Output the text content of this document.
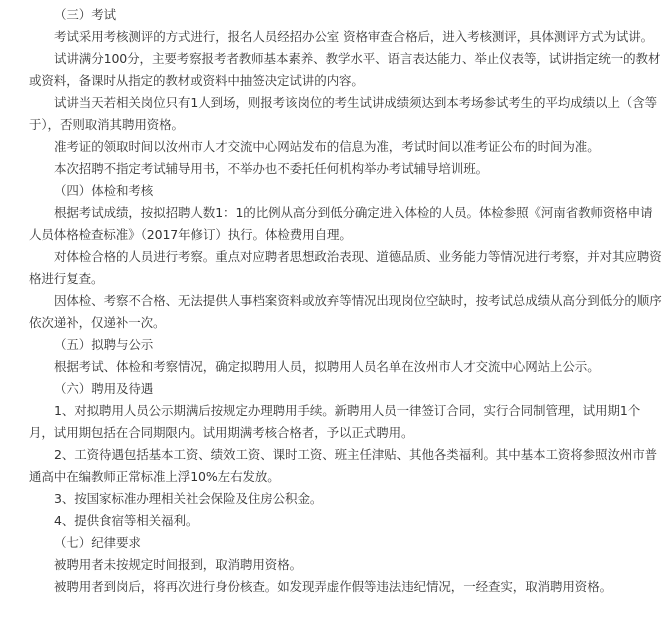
（三）考试

考试采用考核测评的方式进行，报名人员经招办公室 资格审查合格后，进入考核测评，具体测评方式为试讲。

试讲满分100分，主要考察报考者教师基本素养、教学水平、语言表达能力、举止仪表等，试讲指定统一的教材或资料，备课时从指定的教材或资料中抽签决定试讲的内容。

试讲当天若相关岗位只有1人到场，则报考该岗位的考生试讲成绩须达到本考场参试考生的平均成绩以上（含等于），否则取消其聘用资格。

准考证的领取时间以汝州市人才交流中心网站发布的信息为准，考试时间以准考证公布的时间为准。

本次招聘不指定考试辅导用书，不举办也不委托任何机构举办考试辅导培训班。

（四）体检和考核

根据考试成绩，按拟招聘人数1：1的比例从高分到低分确定进入体检的人员。体检参照《河南省教师资格申请人员体格检查标准》（2017年修订）执行。体检费用自理。

对体检合格的人员进行考察。重点对应聘者思想政治表现、道德品质、业务能力等情况进行考察，并对其应聘资格进行复查。

因体检、考察不合格、无法提供人事档案资料或放弃等情况出现岗位空缺时，按考试总成绩从高分到低分的顺序依次递补，仅递补一次。

（五）拟聘与公示

根据考试、体检和考察情况，确定拟聘用人员，拟聘用人员名单在汝州市人才交流中心网站上公示。

（六）聘用及待遇

1、对拟聘用人员公示期满后按规定办理聘用手续。新聘用人员一律签订合同，实行合同制管理，试用期1个月，试用期包括在合同期限内。试用期满考核合格者，予以正式聘用。

2、工资待遇包括基本工资、绩效工资、课时工资、班主任津贴、其他各类福利。其中基本工资将参照汝州市普通高中在编教师正常标准上浮10%左右发放。

3、按国家标准办理相关社会保险及住房公积金。

4、提供食宿等相关福利。

（七）纪律要求

被聘用者未按规定时间报到，取消聘用资格。

被聘用者到岗后，将再次进行身份核查。如发现弄虚作假等违法违纪情况，一经查实，取消聘用资格。
